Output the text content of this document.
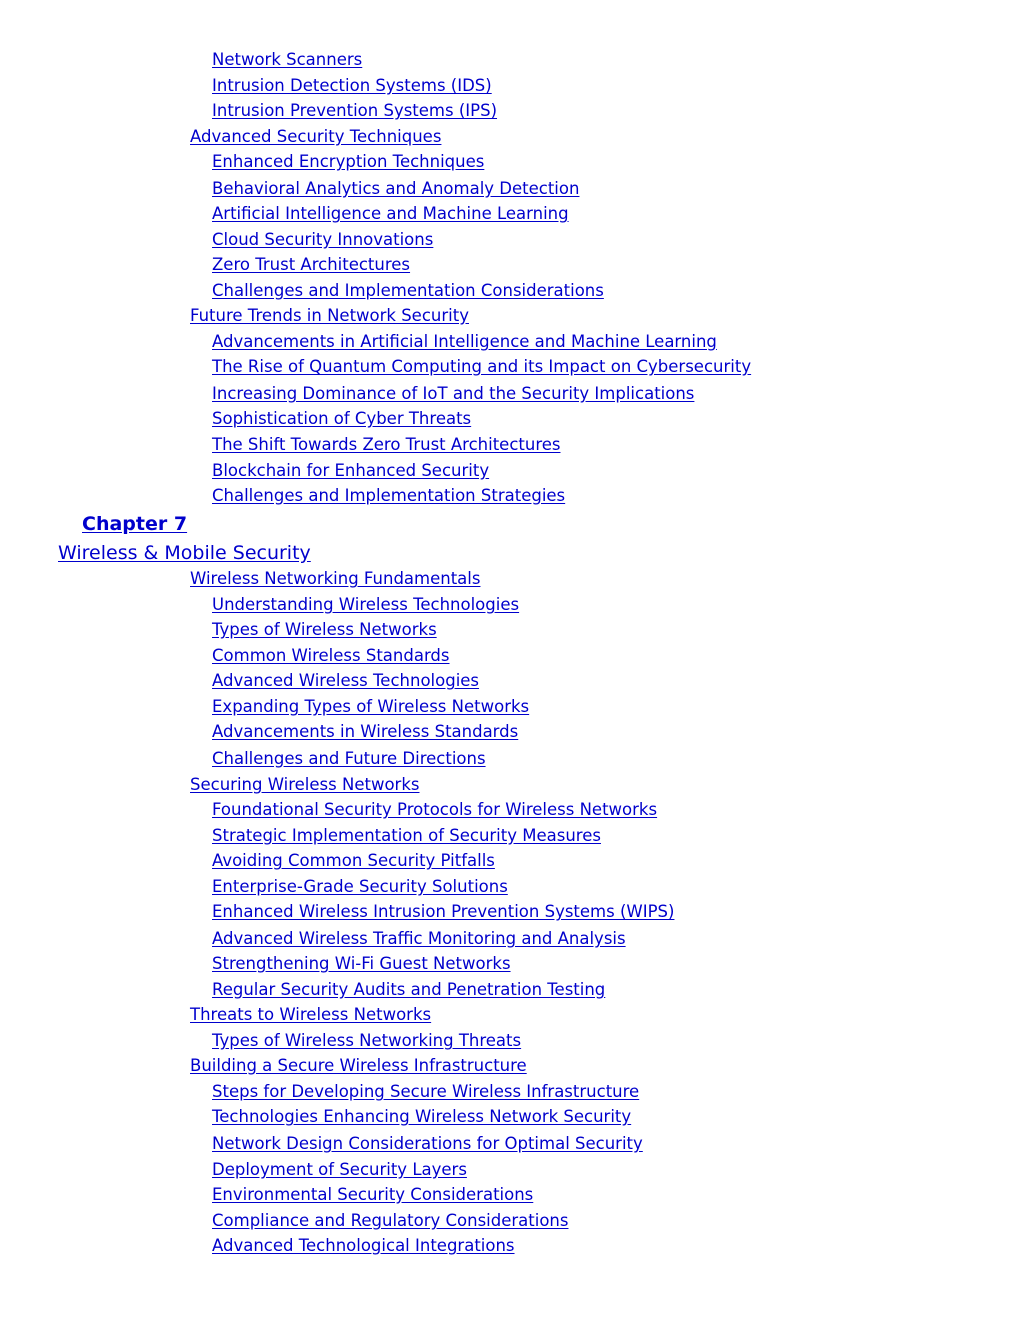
Network Scanners
Intrusion Detection Systems (IDS)
Intrusion Prevention Systems (IPS)
Advanced Security Techniques
Enhanced Encryption Techniques
Behavioral Analytics and Anomaly Detection
Artificial Intelligence and Machine Learning
Cloud Security Innovations
Zero Trust Architectures
Challenges and Implementation Considerations
Future Trends in Network Security
Advancements in Artificial Intelligence and Machine Learning
The Rise of Quantum Computing and its Impact on Cybersecurity
Increasing Dominance of IoT and the Security Implications
Sophistication of Cyber Threats
The Shift Towards Zero Trust Architectures
Blockchain for Enhanced Security
Challenges and Implementation Strategies
Chapter 7
Wireless & Mobile Security
Wireless Networking Fundamentals
Understanding Wireless Technologies
Types of Wireless Networks
Common Wireless Standards
Advanced Wireless Technologies
Expanding Types of Wireless Networks
Advancements in Wireless Standards
Challenges and Future Directions
Securing Wireless Networks
Foundational Security Protocols for Wireless Networks
Strategic Implementation of Security Measures
Avoiding Common Security Pitfalls
Enterprise-Grade Security Solutions
Enhanced Wireless Intrusion Prevention Systems (WIPS)
Advanced Wireless Traffic Monitoring and Analysis
Strengthening Wi-Fi Guest Networks
Regular Security Audits and Penetration Testing
Threats to Wireless Networks
Types of Wireless Networking Threats
Building a Secure Wireless Infrastructure
Steps for Developing Secure Wireless Infrastructure
Technologies Enhancing Wireless Network Security
Network Design Considerations for Optimal Security
Deployment of Security Layers
Environmental Security Considerations
Compliance and Regulatory Considerations
Advanced Technological Integrations
